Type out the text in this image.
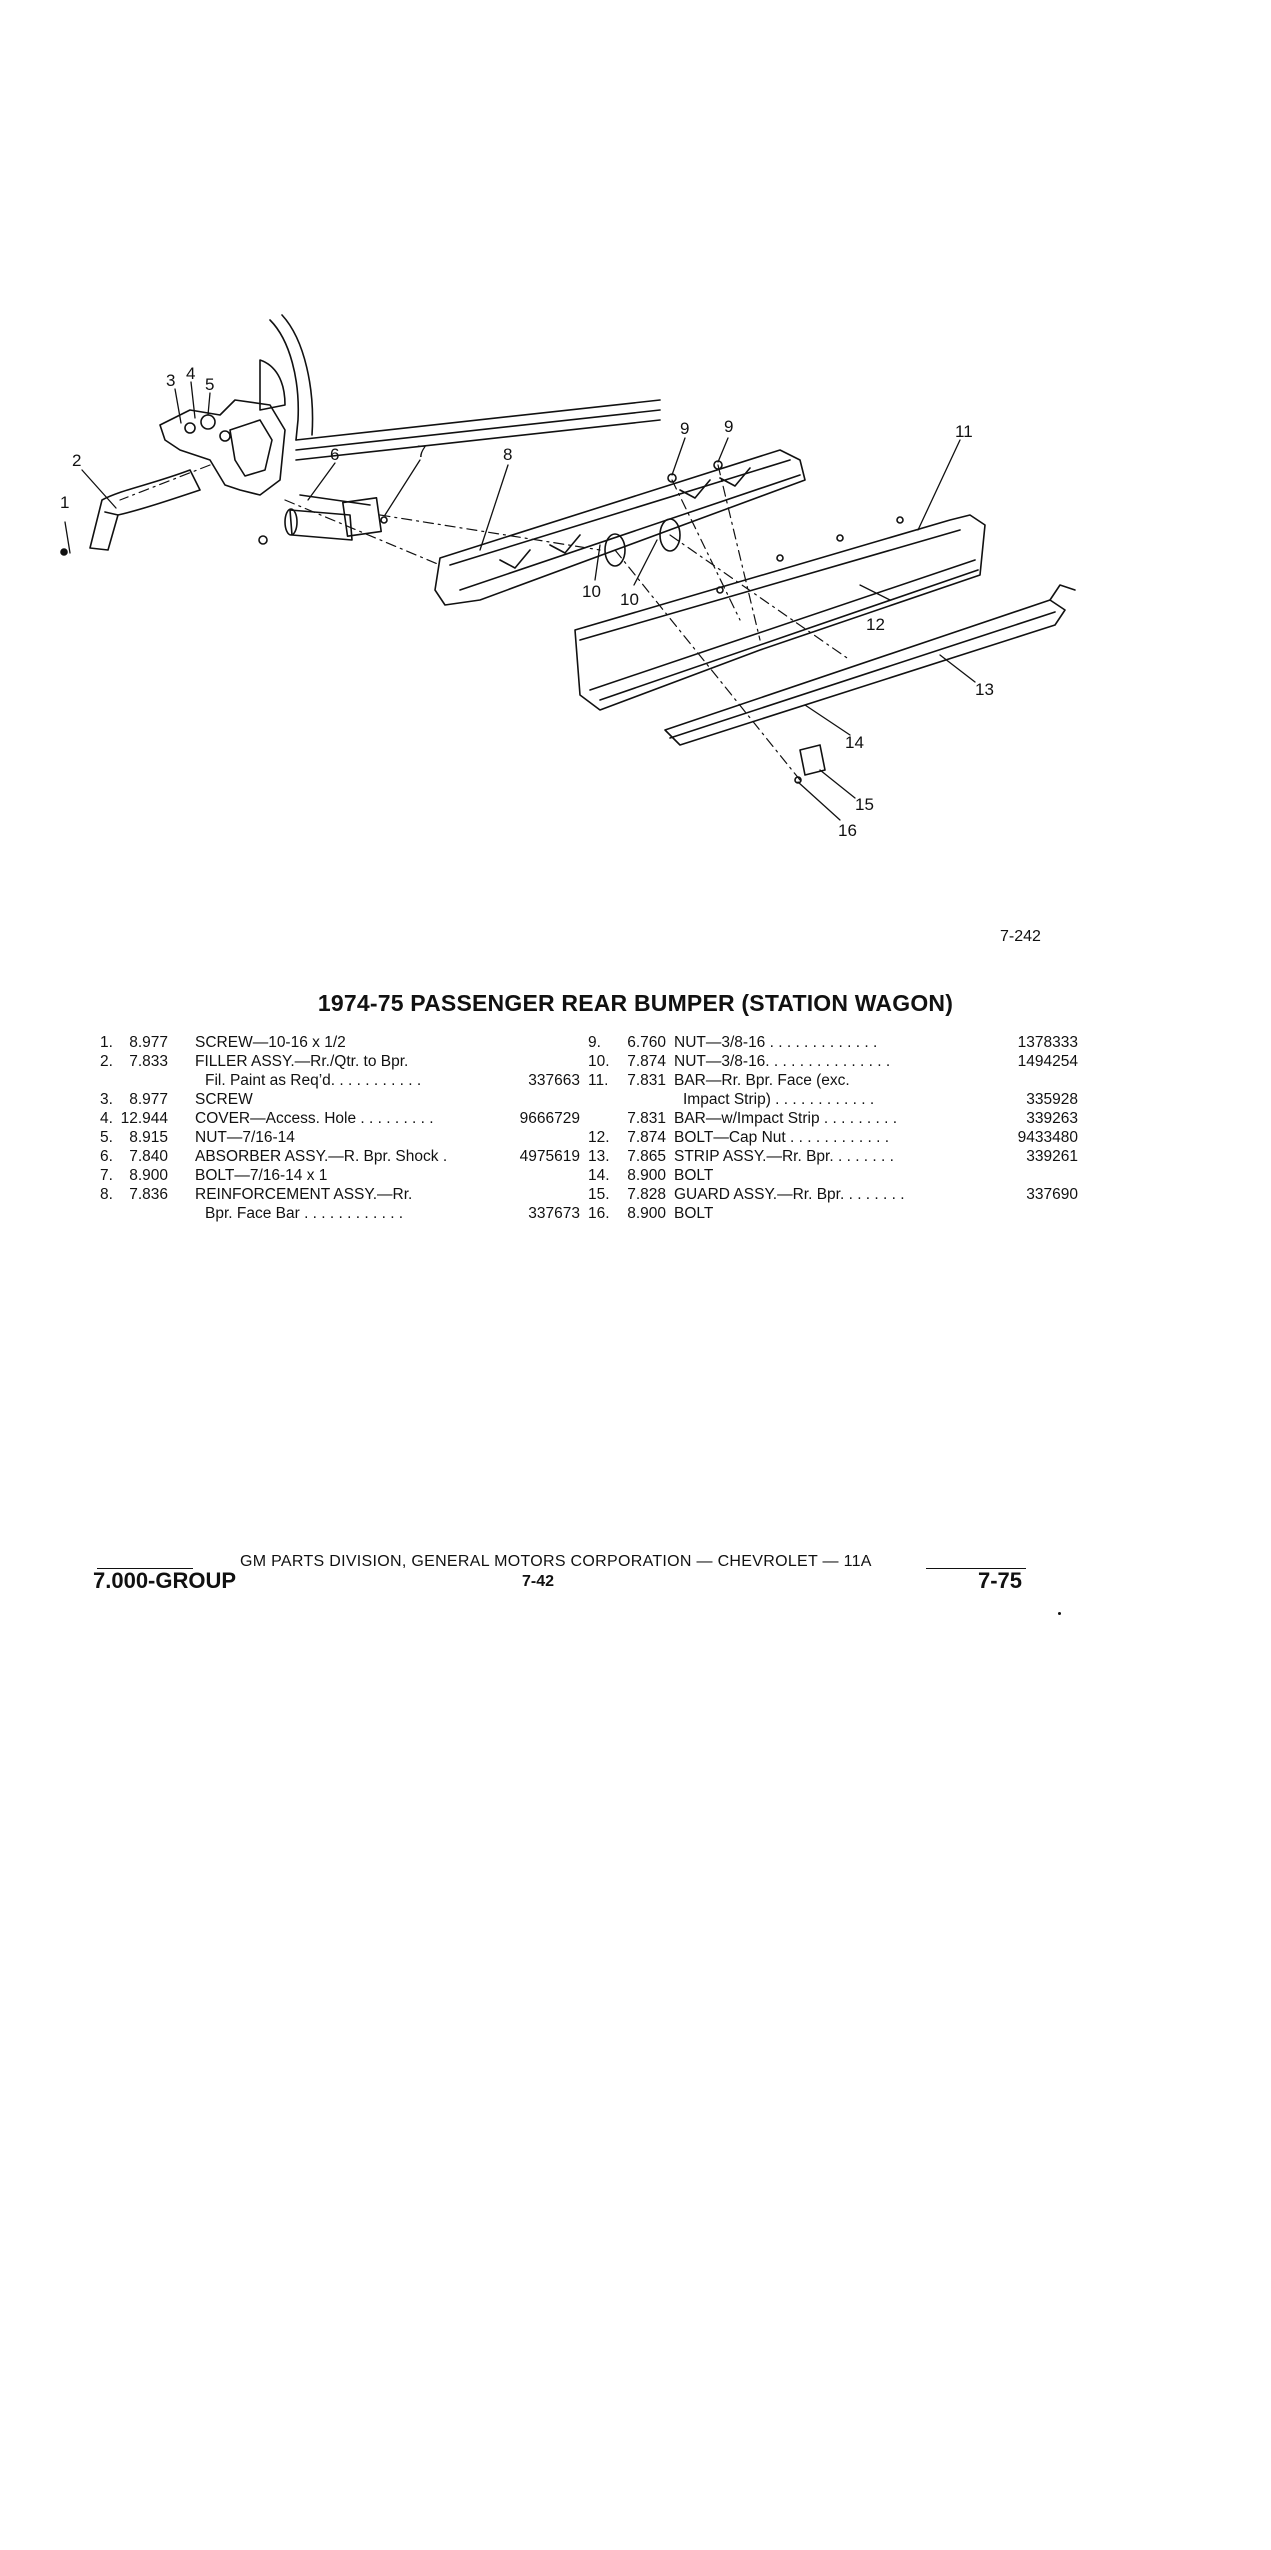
1
2
3 4
5
6	7	8
9 9
10 10
11
12
13
14
15
16
7-242
1974-75 PASSENGER REAR BUMPER (STATION WAGON)
1. 8.977 SCREW—10-16 x 1/2
2. 7.833 FILLER ASSY.—Rr./Qtr. to Bpr.
Fil. Paint as Req’d. . . . . . . . . . .	337663
3. 8.977 SCREW
4. 12.944 COVER—Access. Hole . . . . . . . . .	9666729
5. 8.915 NUT—7/16-14
6. 7.840 ABSORBER ASSY.—R. Bpr. Shock .	4975619
7. 8.900 BOLT—7/16-14 x 1
8. 7.836 REINFORCEMENT ASSY.—Rr.
Bpr. Face Bar . . . . . . . . . . . .	337673
9. 6.760 NUT—3/8-16 . . . . . . . . . . . . .	1378333
10. 7.874 NUT—3/8-16. . . . . . . . . . . . . . .	1494254
11. 7.831 BAR—Rr. Bpr. Face (exc.
Impact Strip) . . . . . . . . . . . .	335928
7.831 BAR—w/Impact Strip . . . . . . . . .	339263
12. 7.874 BOLT—Cap Nut . . . . . . . . . . . .	9433480
13. 7.865 STRIP ASSY.—Rr. Bpr. . . . . . . .	339261
14. 8.900 BOLT
15. 7.828 GUARD ASSY.—Rr. Bpr. . . . . . . .	337690
16. 8.900 BOLT
GM PARTS DIVISION, GENERAL MOTORS CORPORATION — CHEVROLET — 11A
7.000-GROUP	7-42	7-75
